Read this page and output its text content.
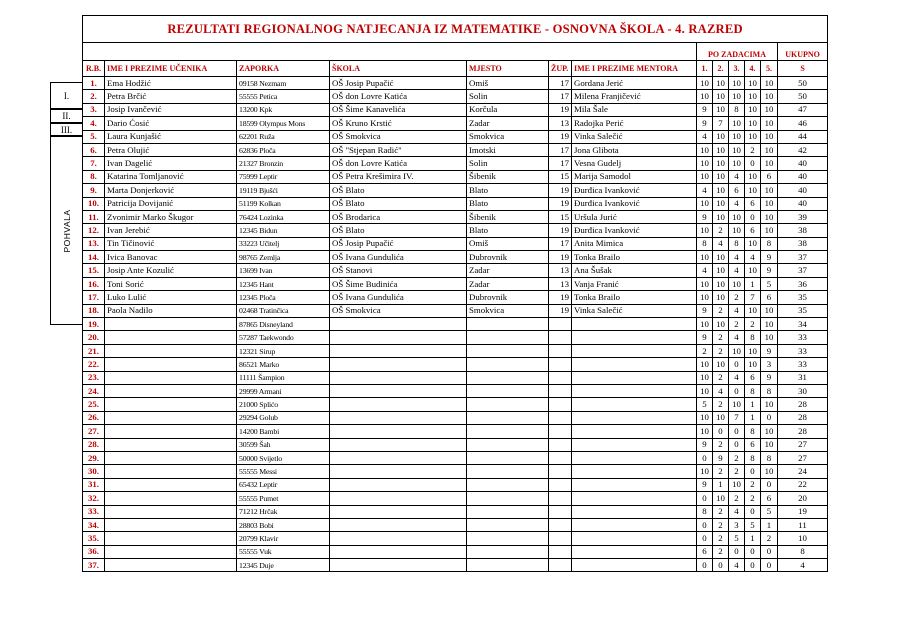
I.
II.
III.
POHVALA
REZULTATI REGIONALNOG NATJECANJA IZ MATEMATIKE - OSNOVNA ŠKOLA - 4. RAZRED												
							PO ZADACIMA					UKUPNO
R.B.	IME I PREZIME UČENIKA	ZAPORKA	ŠKOLA	MJESTO	ŽUP.	IME I PREZIME MENTORA	1.	2.	3.	4.	5.	S
1.	Ema Hodžić	09158 Nezmam	OŠ Josip Pupačić	Omiš	17	Gordana Jerić	10	10	10	10	10	50
2.	Petra Brčić	55555 Petica	OŠ don Lovre Katića	Solin	17	Milena Franjičević	10	10	10	10	10	50
3.	Josip Ivančević	13200 Kpk	OŠ Šime Kanavelića	Korčula	19	Mila Šale	9	10	8	10	10	47
4.	Dario Ćosić	18599 Olympus Mons	OŠ Kruno Krstić	Zadar	13	Radojka Perić	9	7	10	10	10	46
5.	Laura Kunjašić	62201 Ruža	OŠ Smokvica	Smokvica	19	Vinka Salečić	4	10	10	10	10	44
6.	Petra Olujić	62836 Ploča	OŠ "Stjepan Radić"	Imotski	17	Jona Glibota	10	10	10	2	10	42
7.	Ivan Dagelić	21327 Bronzin	OŠ don Lovre Katića	Solin	17	Vesna Gudelj	10	10	10	0	10	40
8.	Katarina Tomljanović	75999 Leptir	OŠ Petra Krešimira IV.	Šibenik	15	Marija Samodol	10	10	4	10	6	40
9.	Marta Donjerković	19119 Bjušći	OŠ Blato	Blato	19	Đurđica Ivanković	4	10	6	10	10	40
10.	Patricija Dovijanić	51199 Kolkan	OŠ Blato	Blato	19	Đurđica Ivanković	10	10	4	6	10	40
11.	Zvonimir Marko Škugor	76424 Lozinka	OŠ Brodarica	Šibenik	15	Uršula Jurić	9	10	10	0	10	39
12.	Ivan Jerebić	12345 Bidun	OŠ Blato	Blato	19	Đurđica Ivanković	10	2	10	6	10	38
13.	Tin Tičinović	33223 Učitelj	OŠ Josip Pupačić	Omiš	17	Anita Mimica	8	4	8	10	8	38
14.	Ivica Banovac	98765 Zemlja	OŠ Ivana Gundulića	Dubrovnik	19	Tonka Brailo	10	10	4	4	9	37
15.	Josip Ante Kozulić	13699 Ivan	OŠ Stanovi	Zadar	13	Ana Šušak	4	10	4	10	9	37
16.	Toni Sorić	12345 Hant	OŠ Šime Budinića	Zadar	13	Vanja Franić	10	10	10	1	5	36
17.	Luko Lulić	12345 Ploča	OŠ Ivana Gundulića	Dubrovnik	19	Tonka Brailo	10	10	2	7	6	35
18.	Paola Nadilo	02468 Tratinčica	OŠ Smokvica	Smokvica	19	Vinka Salečić	9	2	4	10	10	35
19.		87865 Disneyland					10	10	2	2	10	34
20.		57287 Taekwondo					9	2	4	8	10	33
21.		12321 Sirup					2	2	10	10	9	33
22.		86521 Marko					10	10	0	10	3	33
23.		11111 Šampion					10	2	4	6	9	31
24.		29999 Armani					10	4	0	8	8	30
25.		21000 Splićo					5	2	10	1	10	28
26.		29294 Golub					10	10	7	1	0	28
27.		14200 Bambi					10	0	0	8	10	28
28.		30599 Šah					9	2	0	6	10	27
29.		50000 Svijetlo					0	9	2	8	8	27
30.		55555 Messi					10	2	2	0	10	24
31.		65432 Leptir					9	1	10	2	0	22
32.		55555 Pumet					0	10	2	2	6	20
33.		71212 Hrčak					8	2	4	0	5	19
34.		28803 Bobi					0	2	3	5	1	11
35.		20799 Klavir					0	2	5	1	2	10
36.		55555 Vuk					6	2	0	0	0	8
37.		12345 Duje					0	0	4	0	0	4
